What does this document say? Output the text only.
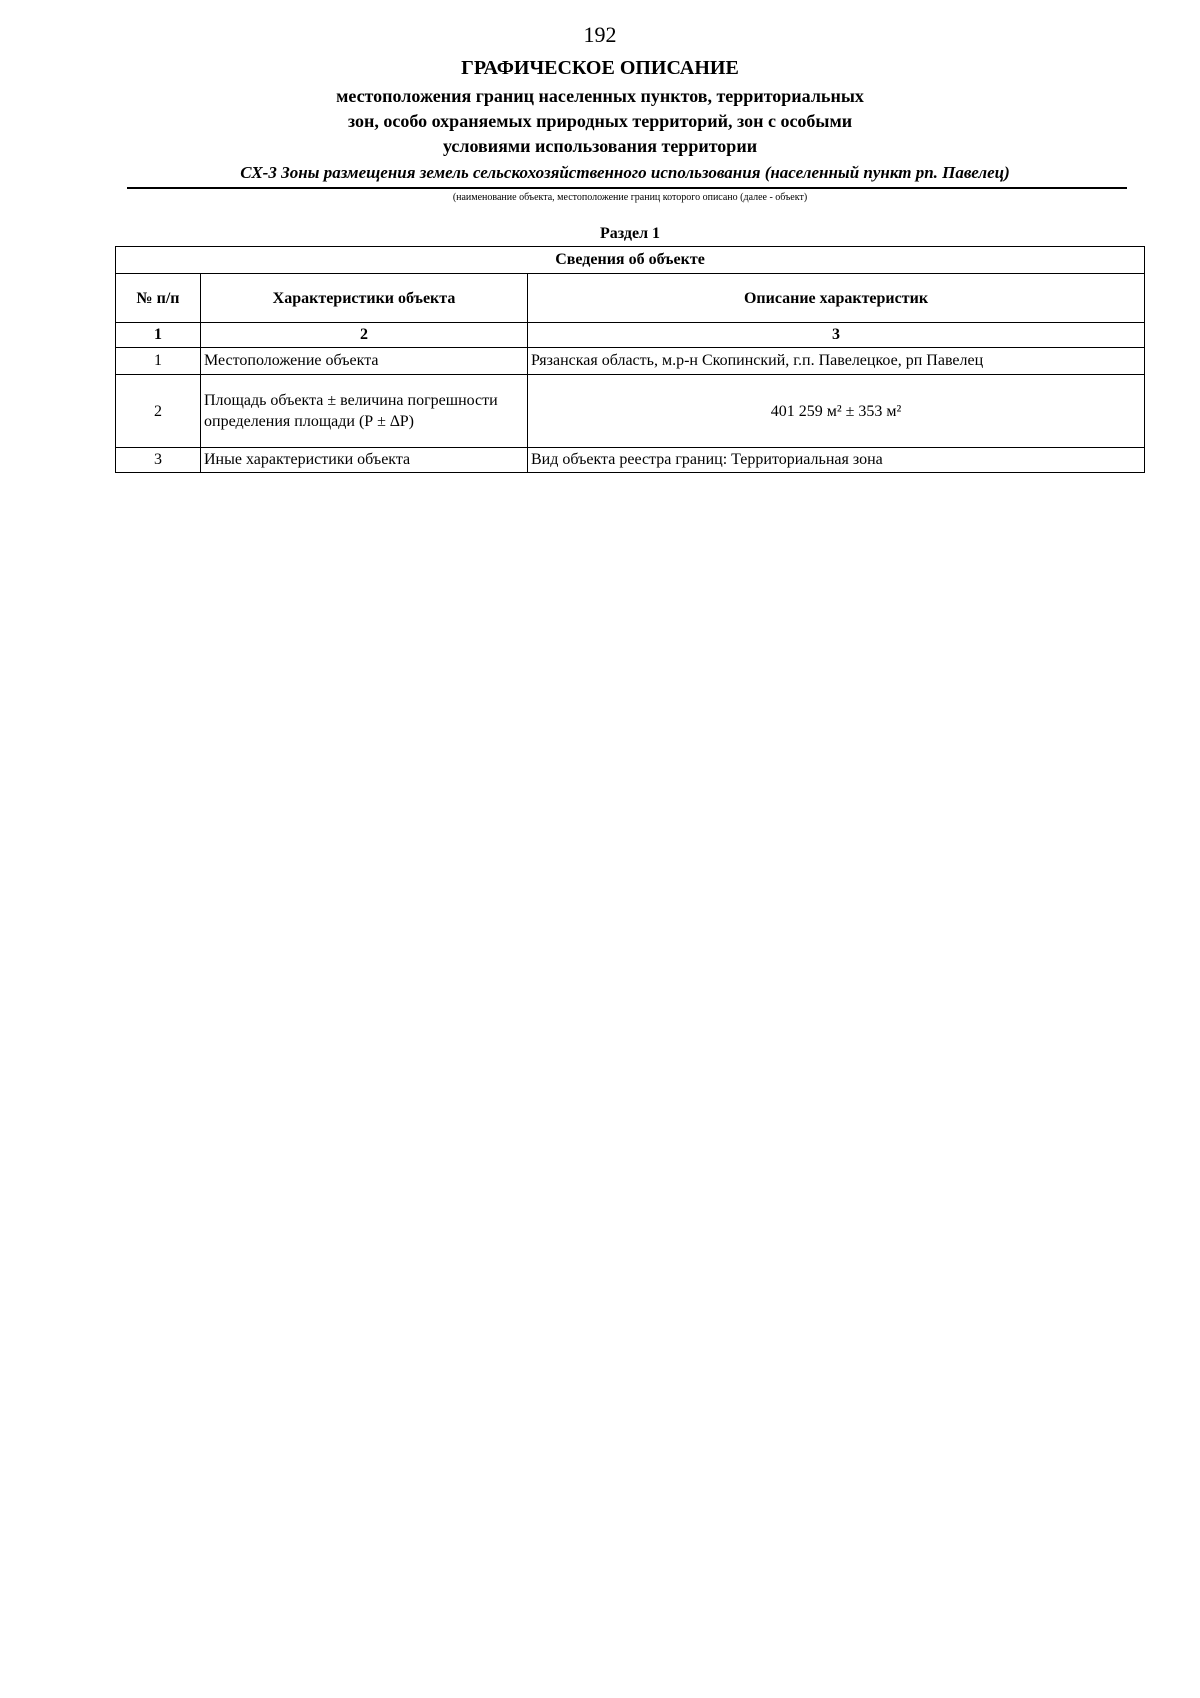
192
ГРАФИЧЕСКОЕ ОПИСАНИЕ
местоположения границ населенных пунктов, территориальных
зон, особо охраняемых природных территорий, зон с особыми
условиями использования территории
СХ-3 Зоны размещения земель сельскохозяйственного использования (населенный пункт рп. Павелец)
(наименование объекта, местоположение границ которого описано (далее - объект)
Раздел 1
Сведения об объекте		
№ п/п	Характеристики объекта	Описание характеристик
1	2	3
1	Местоположение объекта	Рязанская область, м.р-н Скопинский, г.п. Павелецкое, рп Павелец
2	Площадь объекта ± величина погрешности определения площади (Р ± ∆Р)	401 259 м² ± 353 м²
3	Иные характеристики объекта	Вид объекта реестра границ: Территориальная зона
